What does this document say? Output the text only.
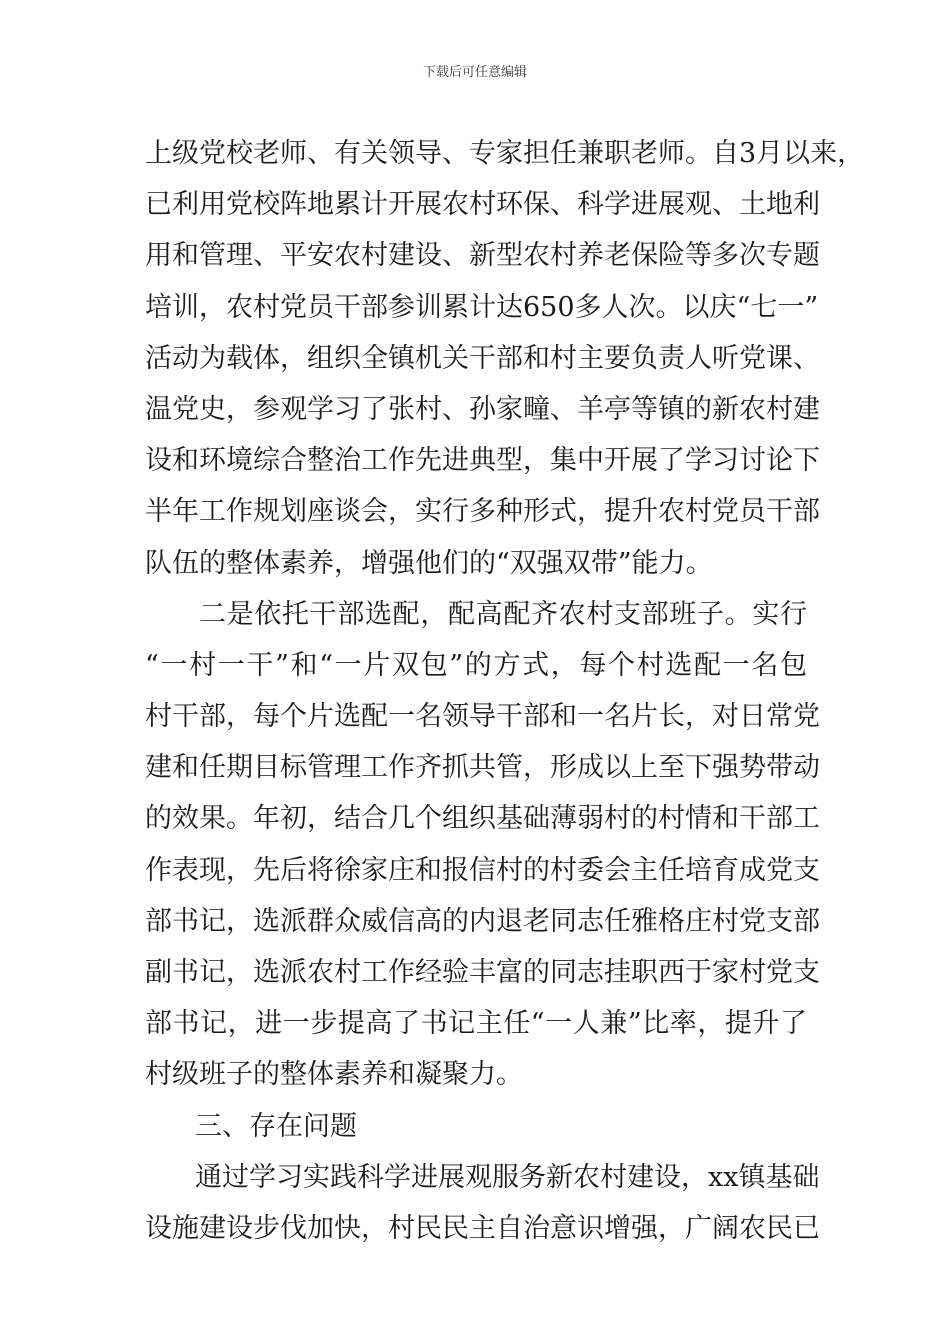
下载后可任意编辑
上级党校老师、有关领导、专家担任兼职老师。自3月以来，
已利用党校阵地累计开展农村环保、科学进展观、土地利
用和管理、平安农村建设、新型农村养老保险等多次专题
培训，农村党员干部参训累计达650多人次。以庆“七一”
活动为载体，组织全镇机关干部和村主要负责人听党课、
温党史，参观学习了张村、孙家疃、羊亭等镇的新农村建
设和环境综合整治工作先进典型，集中开展了学习讨论下
半年工作规划座谈会，实行多种形式，提升农村党员干部
队伍的整体素养，增强他们的“双强双带”能力。
二是依托干部选配，配高配齐农村支部班子。实行
“一村一干”和“一片双包”的方式，每个村选配一名包
村干部，每个片选配一名领导干部和一名片长，对日常党
建和任期目标管理工作齐抓共管，形成以上至下强势带动
的效果。年初，结合几个组织基础薄弱村的村情和干部工
作表现，先后将徐家庄和报信村的村委会主任培育成党支
部书记，选派群众威信高的内退老同志任雅格庄村党支部
副书记，选派农村工作经验丰富的同志挂职西于家村党支
部书记，进一步提高了书记主任“一人兼”比率，提升了
村级班子的整体素养和凝聚力。
三、存在问题
通过学习实践科学进展观服务新农村建设，xx镇基础
设施建设步伐加快，村民民主自治意识增强，广阔农民已
